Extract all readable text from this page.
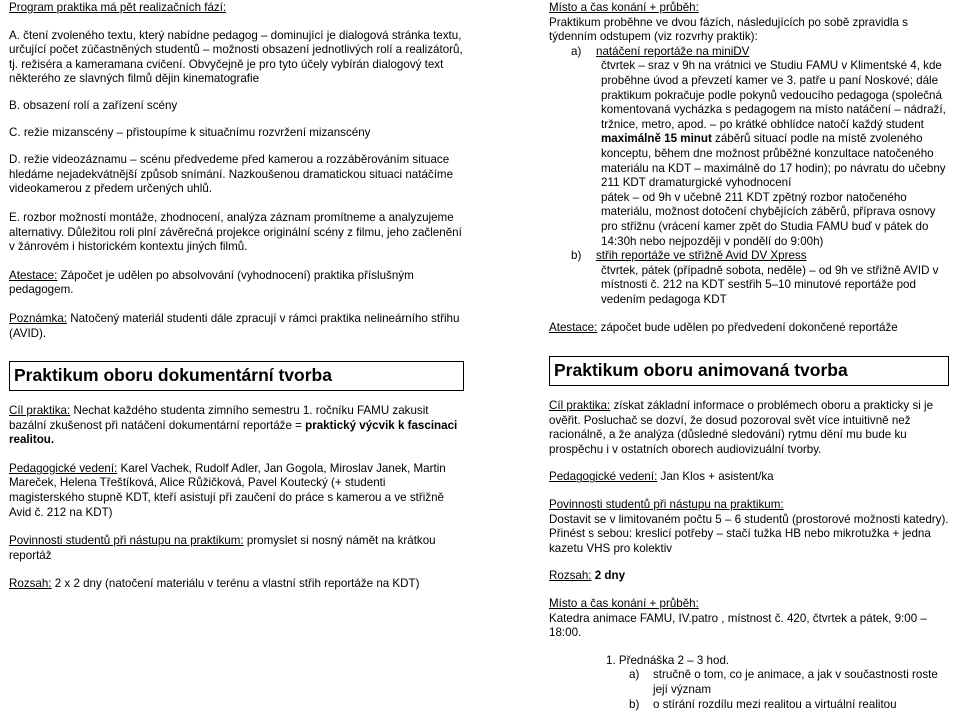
Program praktika má pět realizačních fází:

A. čtení zvoleného textu, který nabídne pedagog – dominující je dialogová stránka textu, určující počet zúčastněných studentů – možnosti obsazení jednotlivých rolí a realizátorů, tj. režiséra a kameramana cvičení. Obvyčejně je pro tyto účely vybírán dialogový text některého ze slavných filmů dějin kinematografie

B. obsazení rolí a zařízení scény

C. režie mizanscény – přistoupíme k situačnímu rozvržení mizanscény

D. režie videozáznamu – scénu předvedeme před kamerou a rozzáběrováním situace hledáme nejadekvátnější způsob snímání. Nazkoušenou dramatickou situaci natáčíme videokamerou z předem určených uhlů.

E. rozbor možností montáže, zhodnocení, analýza záznam promítneme a analyzujeme alternativy. Důležitou roli plní závěrečná projekce originální scény z filmu, jeho začlenění v žánrovém i historickém kontextu jiných filmů.

Atestace: Zápočet je udělen po absolvování (vyhodnocení) praktika příslušným pedagogem.

Poznámka: Natočený materiál studenti dále zpracují v rámci praktika nelineárního střihu (AVID).

Praktikum oboru dokumentární tvorba

Cíl praktika: Nechat každého studenta zimního semestru 1. ročníku FAMU zakusit bazální zkušenost při natáčení dokumentární reportáže = praktický výcvik k fascinaci realitou.

Pedagogické vedení: Karel Vachek, Rudolf Adler, Jan Gogola, Miroslav Janek, Martin Mareček, Helena Třeštíková, Alice Růžičková, Pavel Koutecký (+ studenti magisterského stupně KDT, kteří asistují při zaučení do práce s kamerou a ve střižně Avid č. 212 na KDT)

Povinnosti studentů při nástupu na praktikum: promyslet si nosný námět na krátkou reportáž

Rozsah: 2 x 2 dny (natočení materiálu v terénu a vlastní střih reportáže na KDT)

Místo a čas konání + průběh:

Praktikum proběhne ve dvou fázích, následujících po sobě zpravidla s týdenním odstupem (viz rozvrhy praktik):

a) natáčení reportáže na miniDV

čtvrtek – sraz v 9h na vrátnici ve Studiu FAMU v Klimentské 4, kde proběhne úvod a převzetí kamer ve 3. patře u paní Noskové; dále praktikum pokračuje podle pokynů vedoucího pedagoga (společná komentovaná vycházka s pedagogem na místo natáčení – nádraží, tržnice, metro, apod. – po krátké obhlídce natočí každý student maximálně 15 minut záběrů situací podle na místě zvoleného konceptu, během dne možnost průběžné konzultace natočeného materiálu na KDT – maximálně do 17 hodin); po návratu do učebny 211 KDT dramaturgické vyhodnocení

pátek – od 9h v učebně 211 KDT zpětný rozbor natočeného materiálu, možnost dotočení chybějících záběrů, příprava osnovy pro střižnu (vrácení kamer zpět do Studia FAMU buď v pátek do 14:30h nebo nejpozději v pondělí do 9:00h)

b) střih reportáže ve střižně Avid DV Xpress

čtvrtek, pátek (případně sobota, neděle) – od 9h ve střižně AVID v místnosti č. 212 na KDT sestřih 5–10 minutové reportáže pod vedením pedagoga KDT

Atestace: zápočet bude udělen po předvedení dokončené reportáže

Praktikum oboru animovaná tvorba

Cíl praktika: získat základní informace o problémech oboru a prakticky si je ověřit. Posluchač se dozví, že dosud pozoroval svět více intuitivně než racionálně, a že analýza (důsledné sledování) rytmu dění mu bude ku prospěchu i v ostatních oborech audiovizuální tvorby.

Pedagogické vedení: Jan Klos + asistent/ka

Povinnosti studentů při nástupu na praktikum:

Dostavit se v limitovaném počtu 5 – 6 studentů (prostorové možnosti katedry). Přinést s sebou: kreslicí potřeby – stačí tužka HB nebo mikrotužka + jedna kazetu VHS pro kolektiv

Rozsah: 2 dny

Místo a čas konání + průběh:

Katedra animace FAMU, IV.patro , místnost č. 420, čtvrtek a pátek, 9:00 – 18:00.

1. Přednáška 2 – 3 hod.

a) stručně o tom, co je animace, a jak v součastnosti roste její význam

b) o stírání rozdílu mezi realitou a virtuální realitou
